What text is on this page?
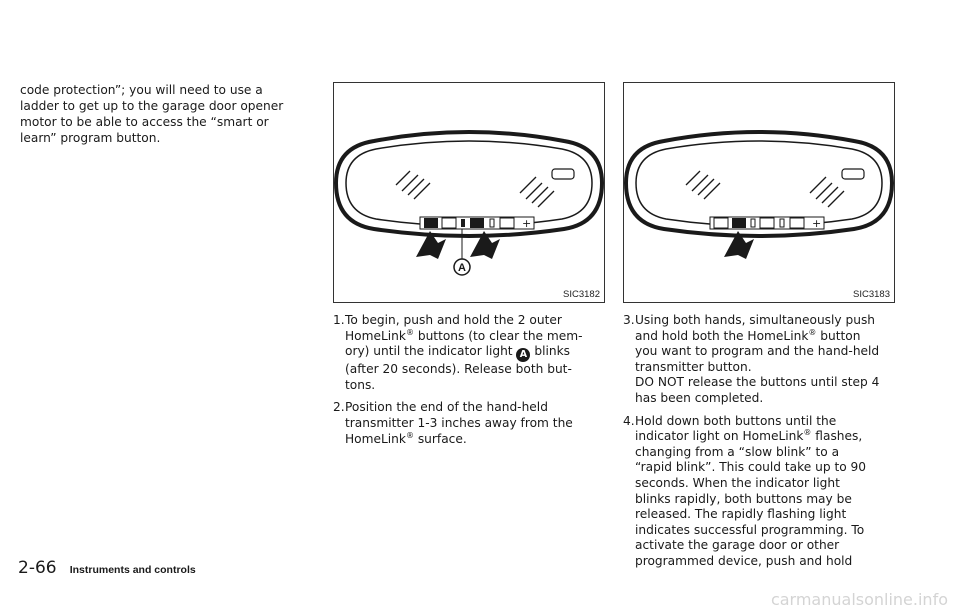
code protection”; you will need to use a
ladder to get up to the garage door opener
motor to be able to access the “smart or
learn” program button.
+
A
SIC3182
+
SIC3183
1. To begin, push and hold the 2 outer
HomeLink® buttons (to clear the mem-
ory) until the indicator light A blinks
(after 20 seconds). Release both but-
tons.
2. Position the end of the hand-held
transmitter 1-3 inches away from the
HomeLink® surface.
3. Using both hands, simultaneously push
and hold both the HomeLink® button
you want to program and the hand-held
transmitter button.
DO NOT release the buttons until step 4
has been completed.
4. Hold down both buttons until the
indicator light on HomeLink® flashes,
changing from a “slow blink” to a
“rapid blink”. This could take up to 90
seconds. When the indicator light
blinks rapidly, both buttons may be
released. The rapidly flashing light
indicates successful programming. To
activate the garage door or other
programmed device, push and hold
2-66 Instruments and controls
carmanualsonline.info
